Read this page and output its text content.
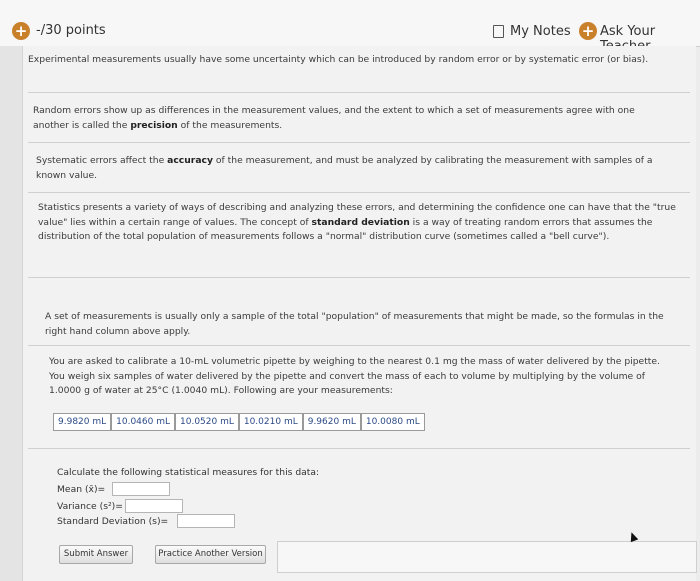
+ -/30 points	My Notes + Ask Your
Experimental measurements usually have some uncertainty which can be introduced by random error or by systematic error (or bias).
Random errors show up as differences in the measurement values, and the extent to which a set of measurements agree with one another is called the precision of the measurements.
Systematic errors affect the accuracy of the measurement, and must be analyzed by calibrating the measurement with samples of a known value.
Statistics presents a variety of ways of describing and analyzing these errors, and determining the confidence one can have that the "true value" lies within a certain range of values. The concept of standard deviation is a way of treating random errors that assumes the distribution of the total population of measurements follows a "normal" distribution curve (sometimes called a "bell curve").
A set of measurements is usually only a sample of the total "population" of measurements that might be made, so the formulas in the right hand column above apply.
You are asked to calibrate a 10-mL volumetric pipette by weighing to the nearest 0.1 mg the mass of water delivered by the pipette. You weigh six samples of water delivered by the pipette and convert the mass of each to volume by multiplying by the volume of 1.0000 g of water at 25°C (1.0040 mL). Following are your measurements:
9.9820 mL	10.0460 mL	10.0520 mL	10.0210 mL	9.9620 mL	10.0080 mL
Calculate the following statistical measures for this data:
Mean (x̄)=
Variance (s²)=
Standard Deviation (s)=
Submit Answer	Practice Another Version
